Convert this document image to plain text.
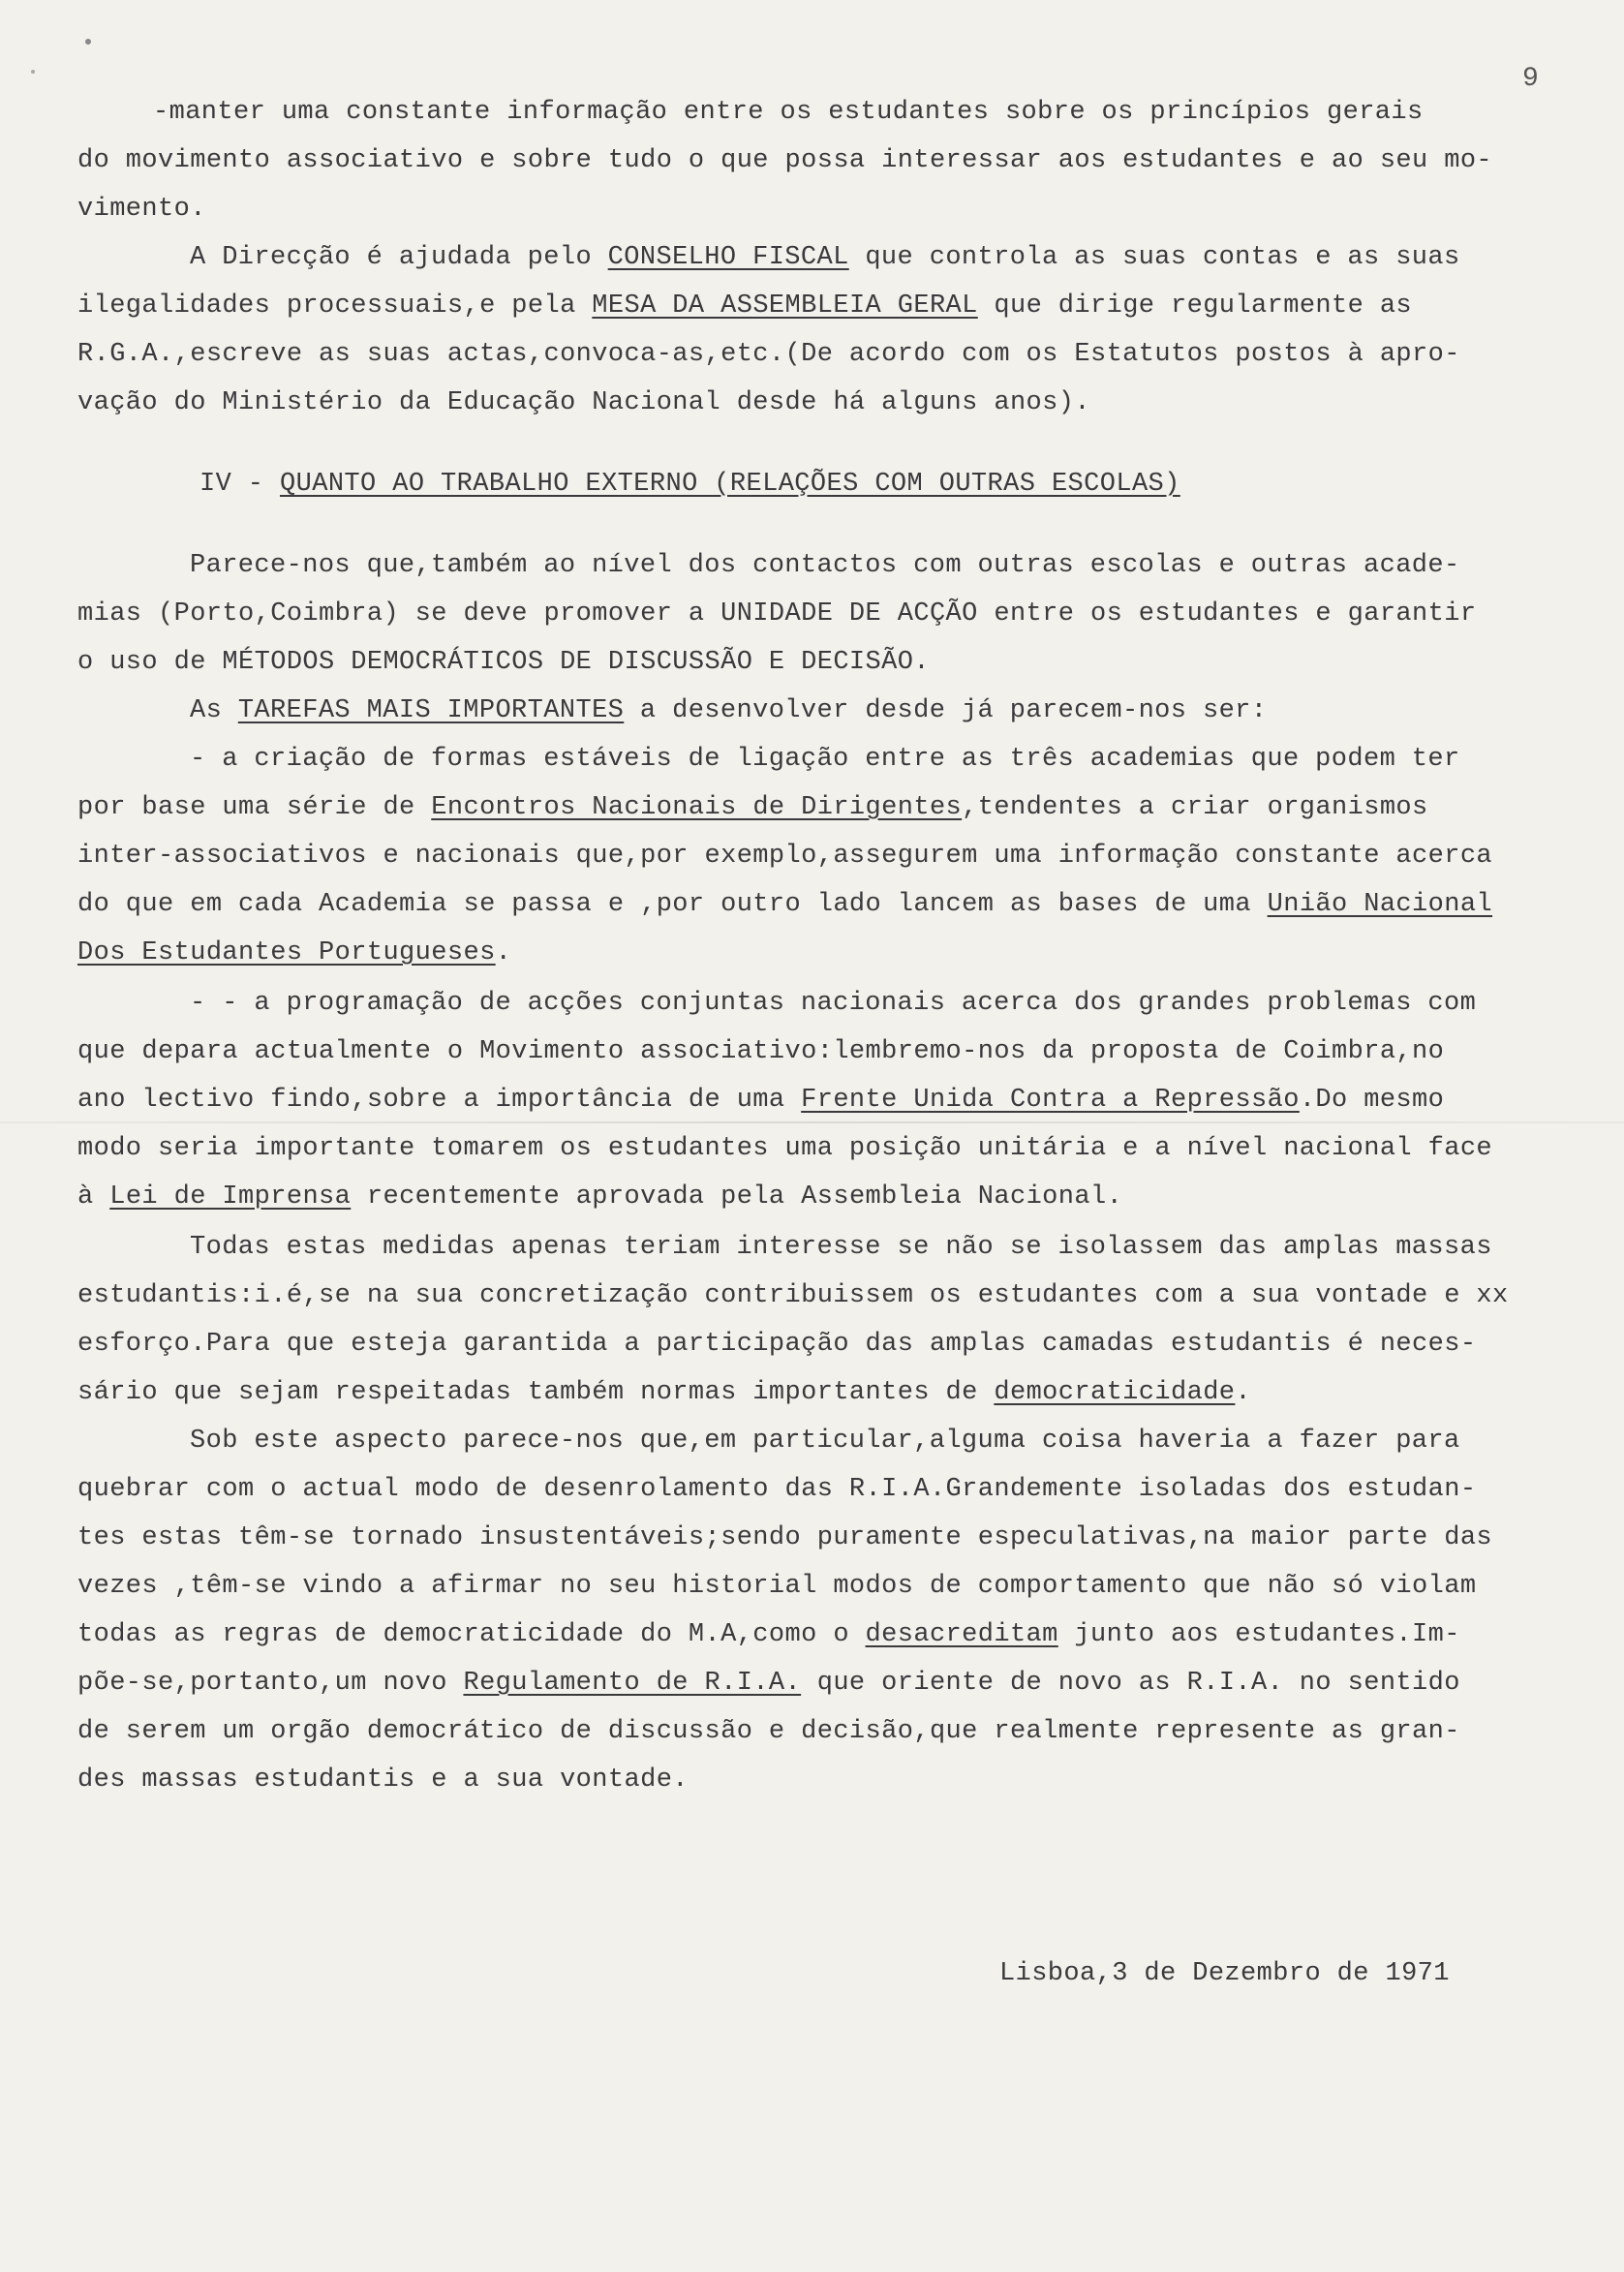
9
-manter uma constante informação entre os estudantes sobre os princípios gerais
do movimento associativo e sobre tudo o que possa interessar aos estudantes e ao seu mo-
vimento.
A Direcção é ajudada pelo CONSELHO FISCAL que controla as suas contas e as suas
ilegalidades processuais,e pela MESA DA ASSEMBLEIA GERAL que dirige regularmente as
R.G.A.,escreve as suas actas,convoca-as,etc.(De acordo com os Estatutos postos à apro-
vação do Ministério da Educação Nacional desde há alguns anos).
IV - QUANTO AO TRABALHO EXTERNO (RELAÇÕES COM OUTRAS ESCOLAS)
Parece-nos que,também ao nível dos contactos com outras escolas e outras acade-
mias (Porto,Coimbra) se deve promover a UNIDADE DE ACÇÃO entre os estudantes e garantir
o uso de MÉTODOS DEMOCRÁTICOS DE DISCUSSÃO E DECISÃO.
As TAREFAS MAIS IMPORTANTES a desenvolver desde já parecem-nos ser:
- a criação de formas estáveis de ligação entre as três academias que podem ter
por base uma série de Encontros Nacionais de Dirigentes,tendentes a criar organismos
inter-associativos e nacionais que,por exemplo,assegurem uma informação constante acerca
do que em cada Academia se passa e ,por outro lado lancem as bases de uma União Nacional
Dos Estudantes Portugueses.
- - a programação de acções conjuntas nacionais acerca dos grandes problemas com
que depara actualmente o Movimento associativo:lembremo-nos da proposta de Coimbra,no
ano lectivo findo,sobre a importância de uma Frente Unida Contra a Repressão.Do mesmo
modo seria importante tomarem os estudantes uma posição unitária e a nível nacional face
à Lei de Imprensa recentemente aprovada pela Assembleia Nacional.
Todas estas medidas apenas teriam interesse se não se isolassem das amplas massas
estudantis:i.é,se na sua concretização contribuissem os estudantes com a sua vontade e xx
esforço.Para que esteja garantida a participação das amplas camadas estudantis é neces-
sário que sejam respeitadas também normas importantes de democraticidade.
Sob este aspecto parece-nos que,em particular,alguma coisa haveria a fazer para
quebrar com o actual modo de desenrolamento das R.I.A.Grandemente isoladas dos estudan-
tes estas têm-se tornado insustentáveis;sendo puramente especulativas,na maior parte das
vezes ,têm-se vindo a afirmar no seu historial modos de comportamento que não só violam
todas as regras de democraticidade do M.A,como o desacreditam junto aos estudantes.Im-
põe-se,portanto,um novo Regulamento de R.I.A. que oriente de novo as R.I.A. no sentido
de serem um orgão democrático de discussão e decisão,que realmente represente as gran-
des massas estudantis e a sua vontade.
Lisboa,3 de Dezembro de 1971
